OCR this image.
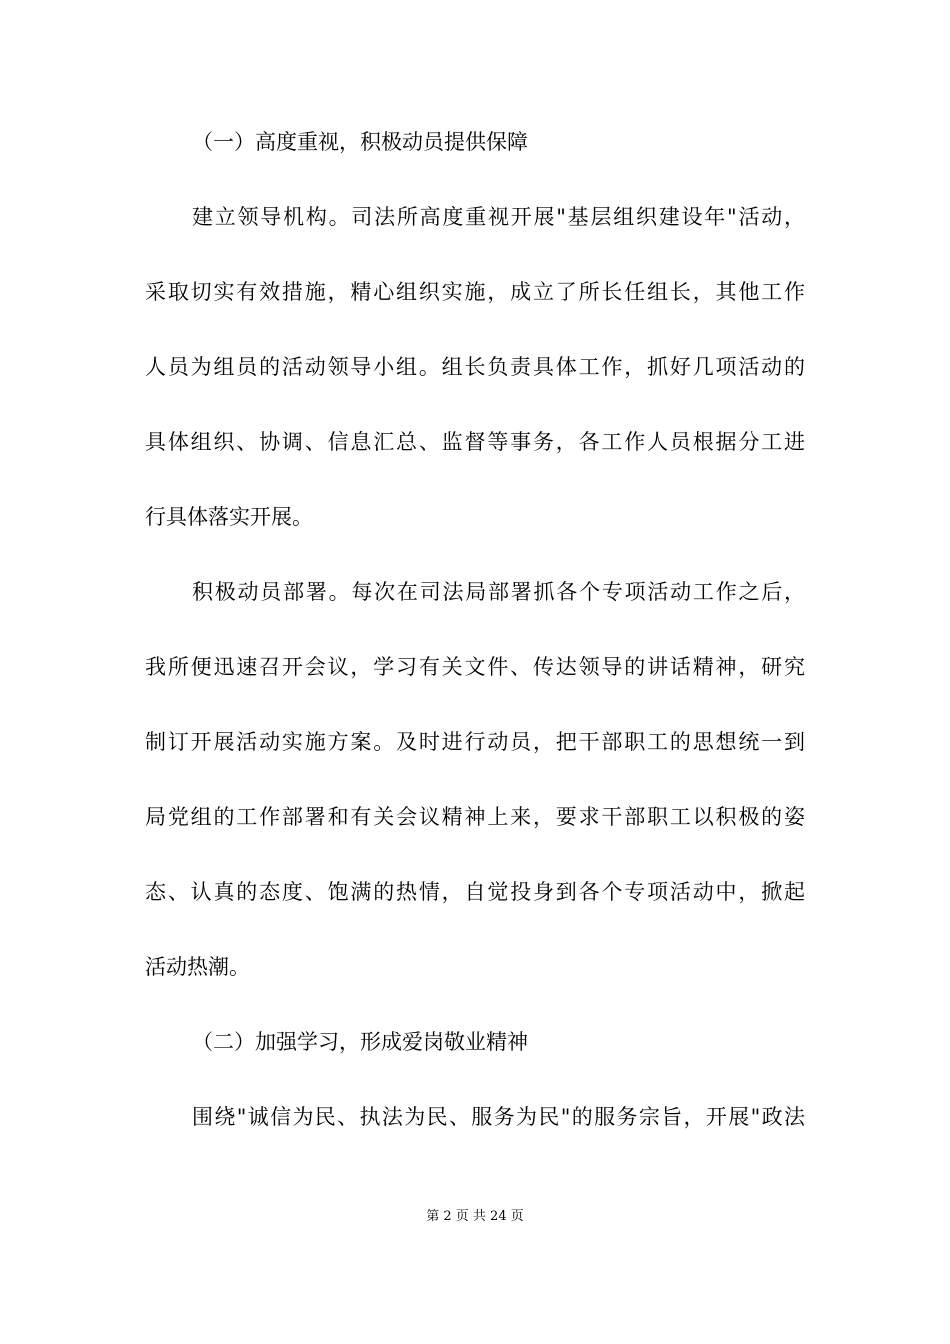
（一）高度重视，积极动员提供保障

建立领导机构。司法所高度重视开展"基层组织建设年"活动，

采取切实有效措施，精心组织实施，成立了所长任组长，其他工作

人员为组员的活动领导小组。组长负责具体工作，抓好几项活动的

具体组织、协调、信息汇总、监督等事务，各工作人员根据分工进

行具体落实开展。

积极动员部署。每次在司法局部署抓各个专项活动工作之后，

我所便迅速召开会议，学习有关文件、传达领导的讲话精神，研究

制订开展活动实施方案。及时进行动员，把干部职工的思想统一到

局党组的工作部署和有关会议精神上来，要求干部职工以积极的姿

态、认真的态度、饱满的热情，自觉投身到各个专项活动中，掀起

活动热潮。

（二）加强学习，形成爱岗敬业精神

围绕"诚信为民、执法为民、服务为民"的服务宗旨，开展"政法

第 2 页 共 24 页
